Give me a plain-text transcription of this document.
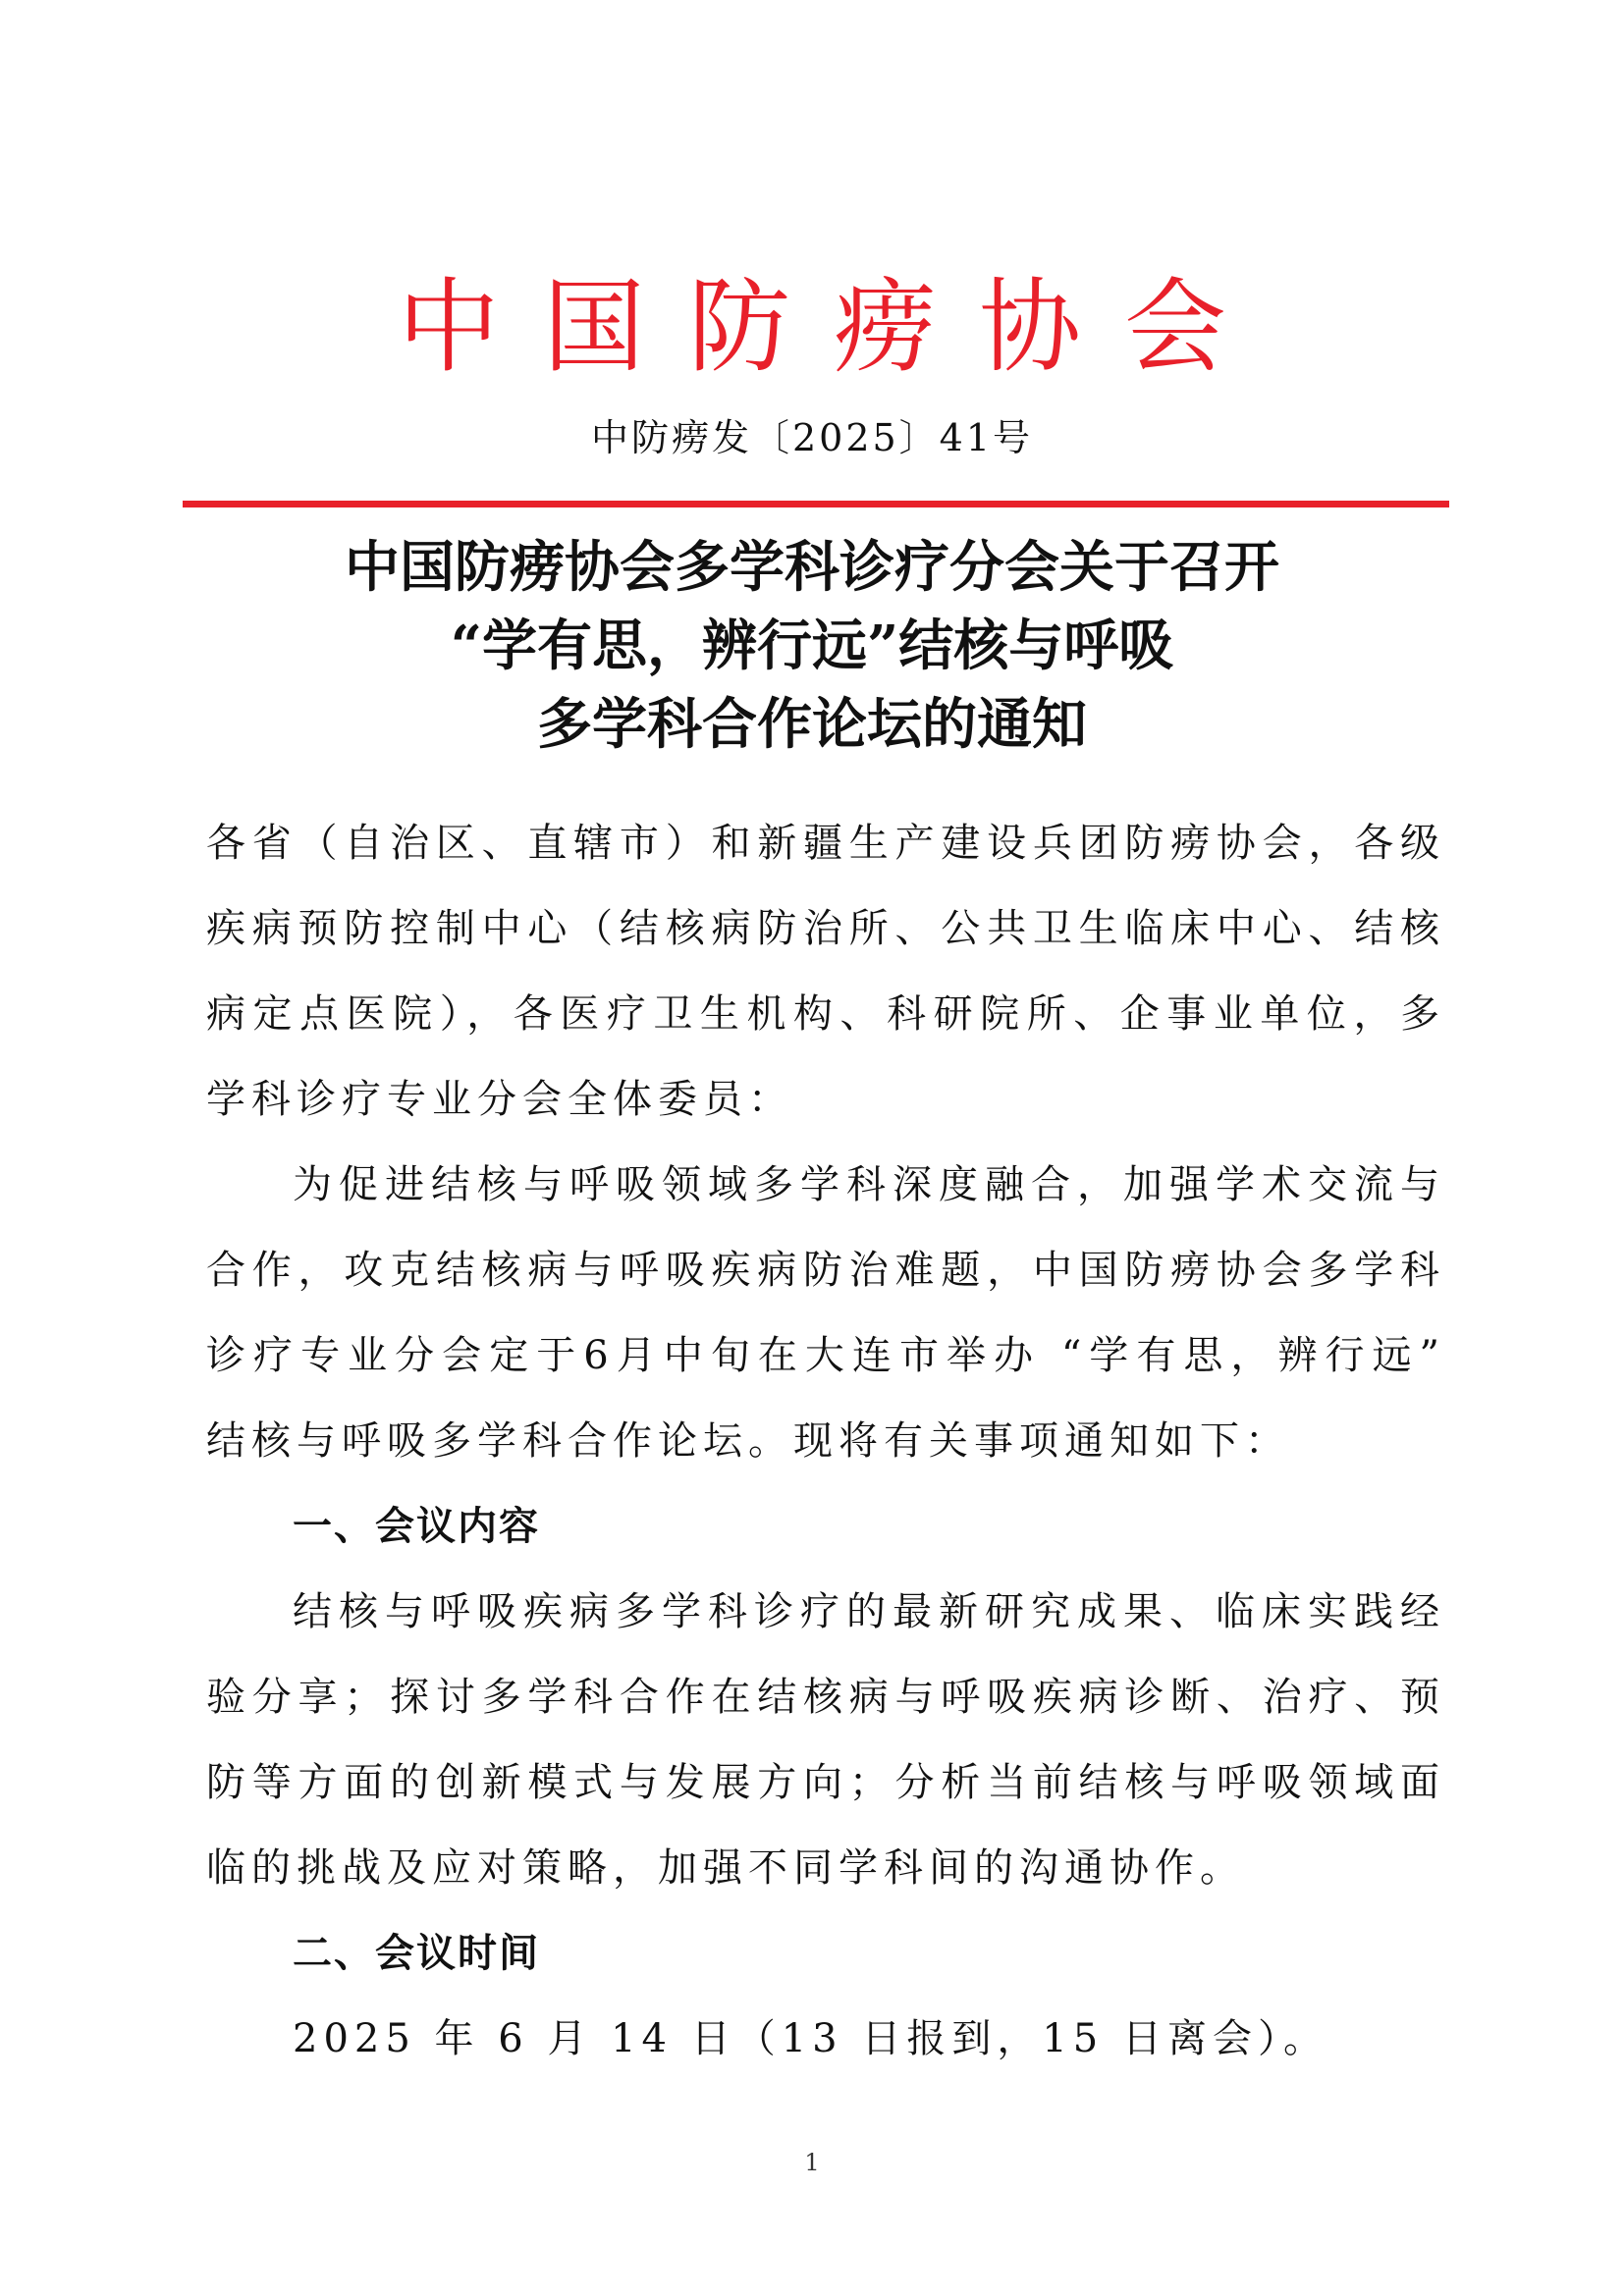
中国防痨协会
中防痨发〔2025〕41号
中国防痨协会多学科诊疗分会关于召开
“学有思，辨行远”结核与呼吸
多学科合作论坛的通知

各省（自治区、直辖市）和新疆生产建设兵团防痨协会，各级疾病预防控制中心（结核病防治所、公共卫生临床中心、结核病定点医院），各医疗卫生机构、科研院所、企事业单位，多学科诊疗专业分会全体委员：

为促进结核与呼吸领域多学科深度融合，加强学术交流与合作，攻克结核病与呼吸疾病防治难题，中国防痨协会多学科诊疗专业分会定于6月中旬在大连市举办 “学有思，辨行远” 结核与呼吸多学科合作论坛。现将有关事项通知如下：

一、会议内容

结核与呼吸疾病多学科诊疗的最新研究成果、临床实践经验分享；探讨多学科合作在结核病与呼吸疾病诊断、治疗、预防等方面的创新模式与发展方向；分析当前结核与呼吸领域面临的挑战及应对策略，加强不同学科间的沟通协作。

二、会议时间

2025 年 6 月 14 日（13 日报到，15 日离会）。

1
